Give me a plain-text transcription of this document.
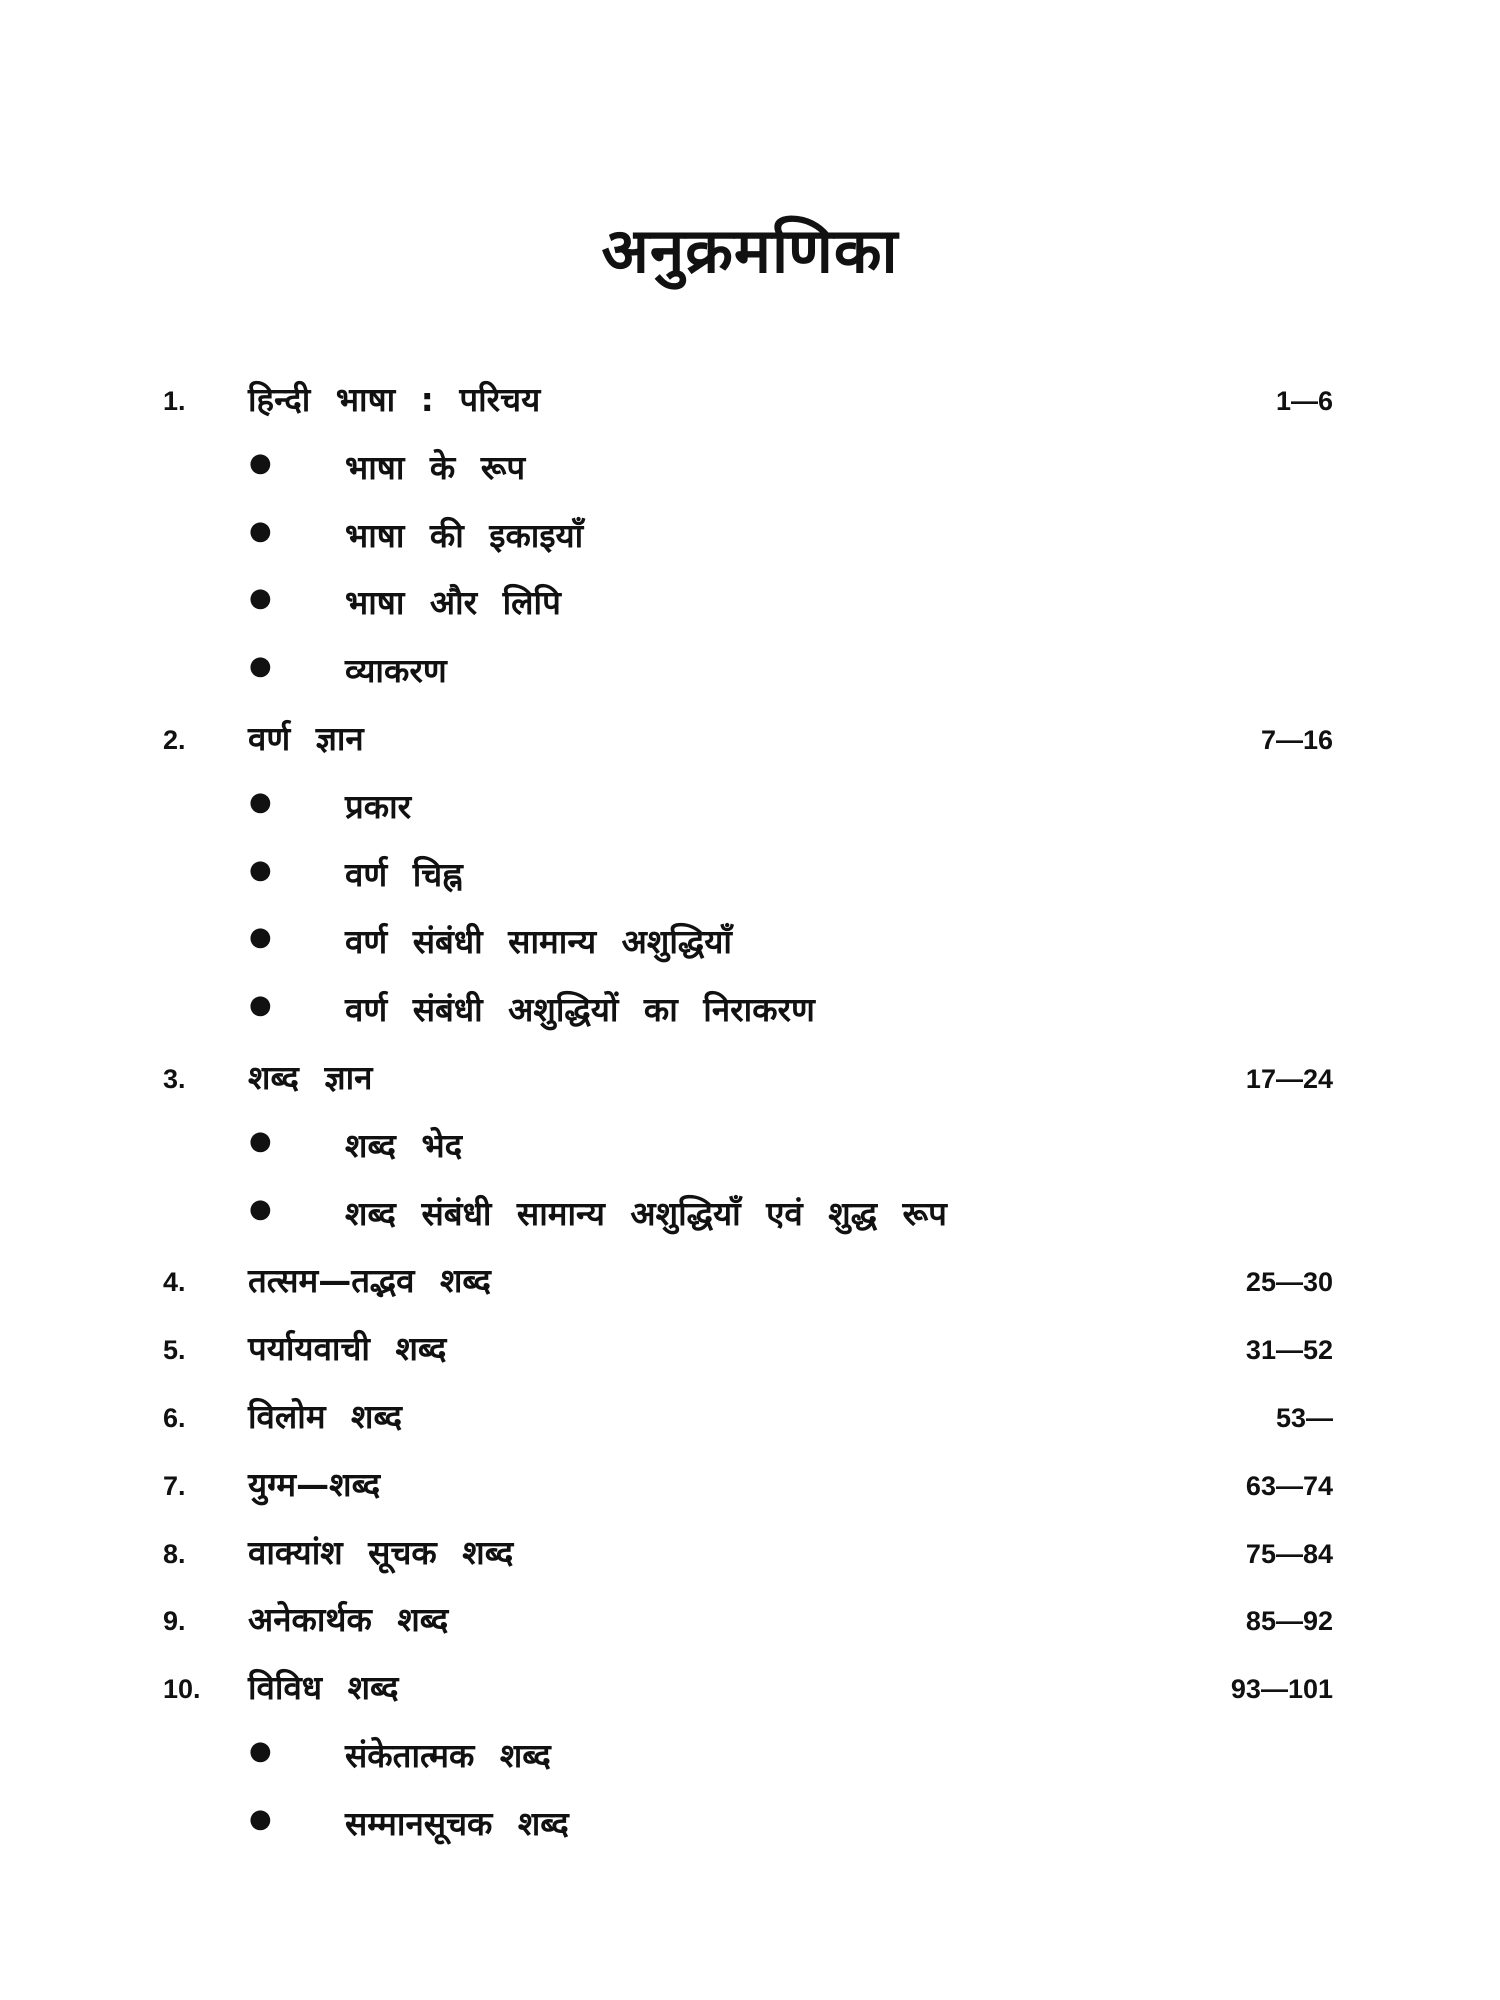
अनुक्रमणिका
1. हिन्दी भाषा : परिचय	1—6
● भाषा के रूप
● भाषा की इकाइयाँ
● भाषा और लिपि
● व्याकरण
2. वर्ण ज्ञान	7—16
● प्रकार
● वर्ण चिह्न
● वर्ण संबंधी सामान्य अशुद्धियाँ
● वर्ण संबंधी अशुद्धियों का निराकरण
3. शब्द ज्ञान	17—24
● शब्द भेद
● शब्द संबंधी सामान्य अशुद्धियाँ एवं शुद्ध रूप
4. तत्सम—तद्भव शब्द	25—30
5. पर्यायवाची शब्द	31—52
6. विलोम शब्द	53—
7. युग्म—शब्द	63—74
8. वाक्यांश सूचक शब्द	75—84
9. अनेकार्थक शब्द	85—92
10. विविध शब्द	93—101
● संकेतात्मक शब्द
● सम्मानसूचक शब्द
